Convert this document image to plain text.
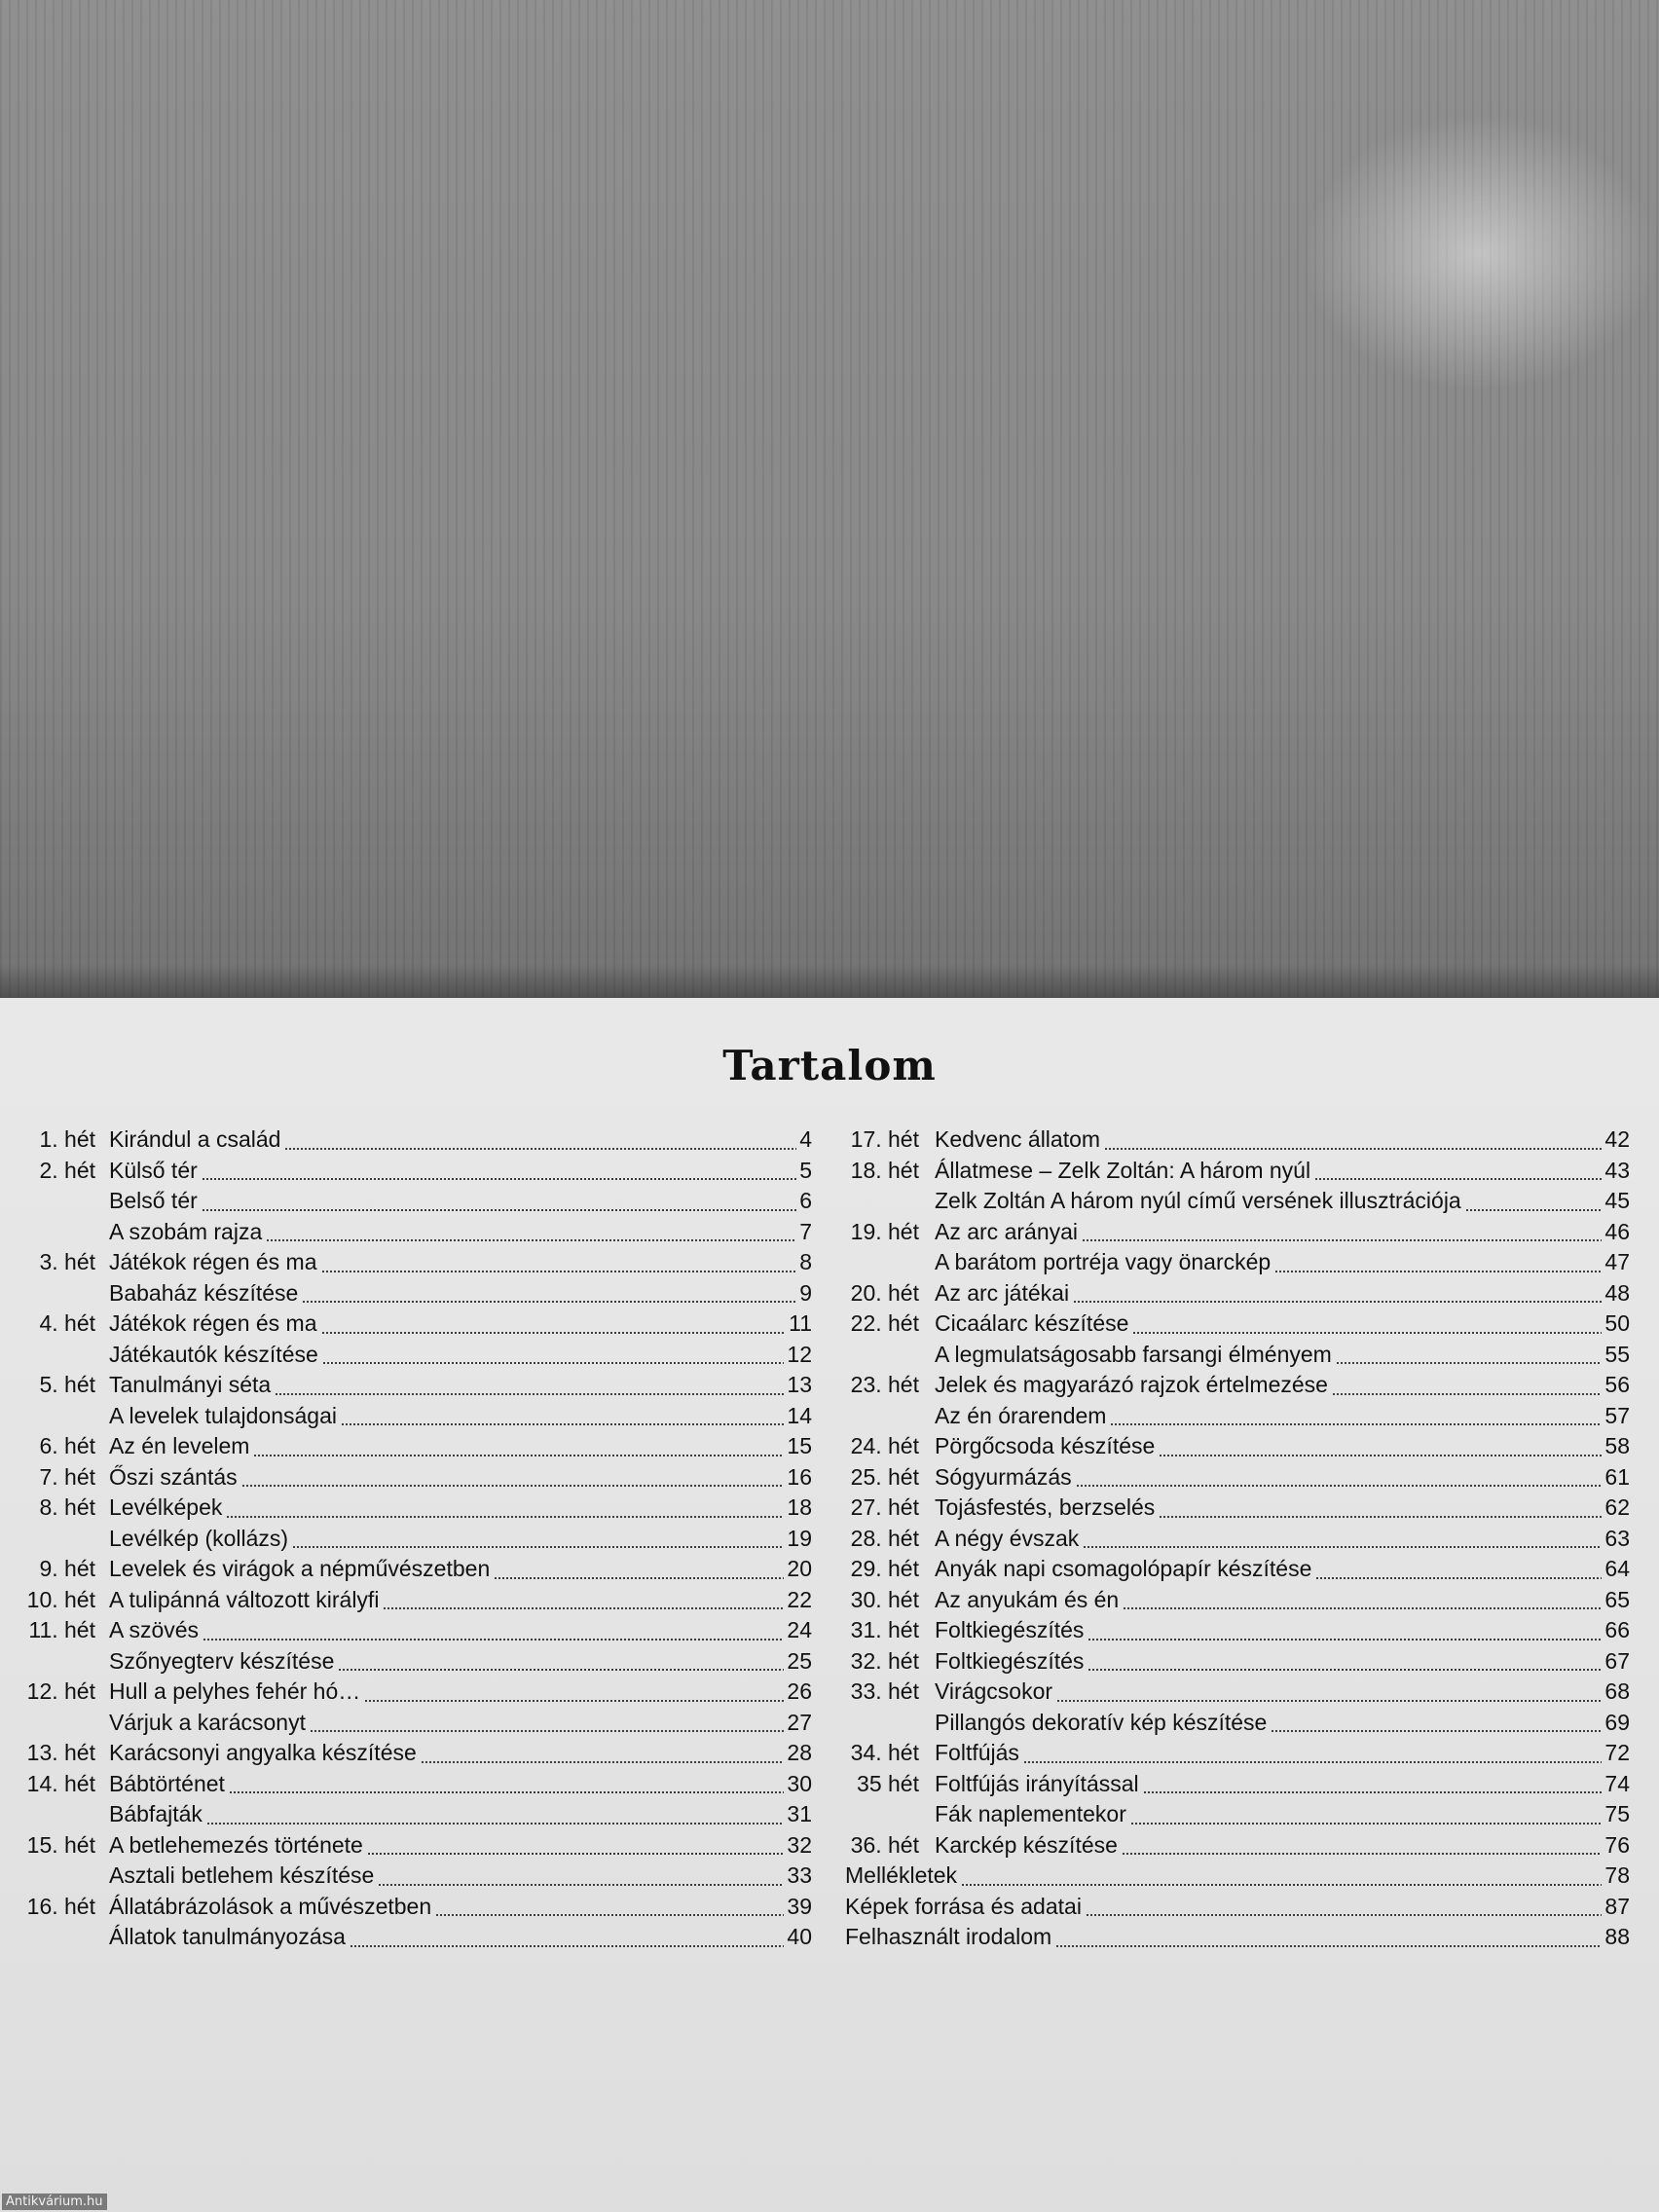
Tartalom
1. hét Kirándul a család	4
2. hét Külső tér	5
Belső tér	6
A szobám rajza	7
3. hét Játékok régen és ma	8
Babaház készítése	9
4. hét Játékok régen és ma	11
Játékautók készítése	12
5. hét Tanulmányi séta	13
A levelek tulajdonságai	14
6. hét Az én levelem	15
7. hét Őszi szántás	16
8. hét Levélképek	18
Levélkép (kollázs)	19
9. hét Levelek és virágok a népművészetben	20
10. hét A tulipánná változott királyfi	22
11. hét A szövés	24
Szőnyegterv készítése	25
12. hét Hull a pelyhes fehér hó…	26
Várjuk a karácsonyt	27
13. hét Karácsonyi angyalka készítése	28
14. hét Bábtörténet	30
Bábfajták	31
15. hét A betlehemezés története	32
Asztali betlehem készítése	33
16. hét Állatábrázolások a művészetben	39
Állatok tanulmányozása	40
17. hét Kedvenc állatom	42
18. hét Állatmese – Zelk Zoltán: A három nyúl	43
Zelk Zoltán A három nyúl című versének illusztrációja	45
19. hét Az arc arányai	46
A barátom portréja vagy önarckép	47
20. hét Az arc játékai	48
22. hét Cicaálarc készítése	50
A legmulatságosabb farsangi élményem	55
23. hét Jelek és magyarázó rajzok értelmezése	56
Az én órarendem	57
24. hét Pörgőcsoda készítése	58
25. hét Sógyurmázás	61
27. hét Tojásfestés, berzselés	62
28. hét A négy évszak	63
29. hét Anyák napi csomagolópapír készítése	64
30. hét Az anyukám és én	65
31. hét Foltkiegészítés	66
32. hét Foltkiegészítés	67
33. hét Virágcsokor	68
Pillangós dekoratív kép készítése	69
34. hét Foltfújás	72
35 hét Foltfújás irányítással	74
Fák naplementekor	75
36. hét Karckép készítése	76
Mellékletek	78
Képek forrása és adatai	87
Felhasznált irodalom	88
Antikvárium.hu
